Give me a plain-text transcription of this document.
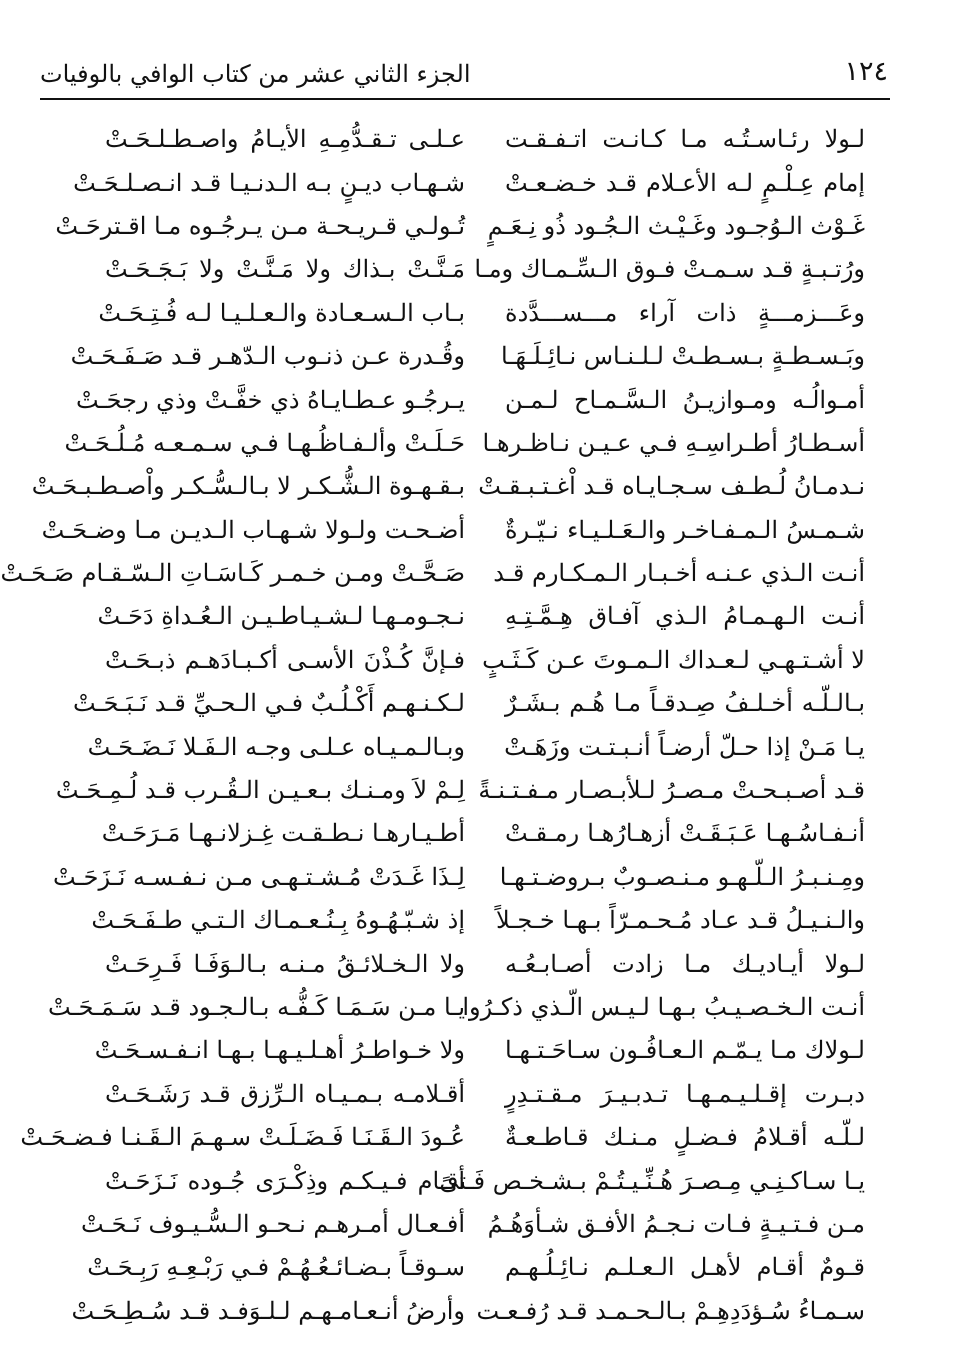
١٢٤
الجزء الثاني عشر من كتاب الوافي بالوفيات
لـولا رئـاسـتُـه مـا كـانـت اتـفـقـت
عـلـى تـقـدُّمِـهِ الأيـامُ واصـطـلـحَـتْ
إمام عِـلْـمٍ لـه الأعـلام قـد خـضـعـتْ
شـهـاب ديـنٍ بـه الـدنـيـا قـد انـصـلـحَـتْ
غَـوْث الـوُجـود وغَـيْـث الـجُـود ذُو نِـعَـمٍ
تُـولـي قـريـحـة مـن يـرجُـوه مـا اقـترحَـتْ
ورُتـبـةٍ قـد سـمـتْ فـوق الـسِّـمـاك ومـا
مَـنَّـتْ بـذاك ولا مَـنَّـتْ ولا بَـجَـحَـتْ
وعَـــزمـــةٍ ذات آراء مـــســـدَّدة
بـاب الـسـعـادة والـعـلـيـا لـه فُـتِـحَـتْ
وبَـسـطـةٍ بـسـطـتْ لـلـنـاس نـائِـلَـهَـا
وقُـدرة عـن ذنـوب الـدّهـر قـد صَـفَـحَـتْ
أمـوالُـه ومـوازيـنُ الـسَّـمـاح لـمـن
يـرجُـو عـطـايـاهُ ذي خفَّـتْ وذي رجحَـتْ
أسـطـارُ أطـراسِـهِ فـي عـيـن نـاظـرهـا
حَـلَـتْ وألـفـاظُـهـا فـي سـمـعـه مُـلُـحَـتْ
نـدمـانُ لُـطـف سـجـايـاه قـد اْغـتـبـقـتْ
بـقـهـوة الـشُّـكـر لا بـالـسُّـكـر واْصـطـبـحَـتْ
شـمـسُ الـمـفـاخـر والـعَـلـيـاء نـيّـرةٌ
أضـحـت ولـولا شـهـاب الـديـن مـا وضـحَـتْ
أنـت الـذي عـنـه أخـبـار الـمـكـارم قـد
صَـحَّـتْ ومـن خـمـر كَـاسَـاتِ الـسّـقـام صَـحَـتْ
أنـت الـهـمـامُ الـذي آفـاق هِـمَّـتِـهِ
نـجـومـهـا لـشـيـاطـيـن الـعُـداةِ دَحَـتْ
لا أشـتـهـي لـعـداك الـمـوتَ عـن كَـثَـبٍ
فـإنَّ كُـذْنَ الأسـى أكـبـادَهـم ذبـحَـتْ
بـالـلّـه أخـلـفُ صِـدقـاً مـا هُـم بـشَـرٌ
لـكـنـهـم أَكْـلُـبٌ فـي الـحـيِّ قـد نَـبَـحَـتْ
يـا مَـنْ إذا حـلّ أرضـاً أنـبـتـت وزَهَـتْ
وبـالـمـيـاه عـلـى وجـه الـفَـلا نَـضَـحَـتْ
قـد أصـبـحـتْ مـصـرُ لـلأبـصـار مـفـتـنـةً
لِـمْ لاَ ومـنـك بـعـيـن الـقُـرب قـد لُـمِـحَـتْ
أنـفـاسُـهـا عَـبَـقَـتْ أزهـارُهـا رمـقـتْ
أطـيـارهـا نـطـقـت غِـزلانـهـا مَـرَحَـتْ
ومِـنـبـرُ الـلّـهـو مـنـصـوبٌ بـروضـتـهـا
لِـذَا غَـدَتْ مُـشـتـهـى مـن نـفـسـه نَـزَحَـتْ
والـنـيـلُ قـد عـاد مُـحـمـرّاً بـهـا خـجـلاً
إذ شـبّـهُـوهُ بِـنُـعـمـاك الـتـي طـفَـحَـتْ
لـولا أيـاديـك مـا زادت أصـابـعُـه
ولا الـخـلائـقُ مـنـه بـالـوَفَـا فَـرِحَـتْ
أنـت الـخـصـيـبُ بـهـا لـيـس الّـذي ذكـرُوا
يـا مـن سَـمَـا كَـفُّـه بـالـجـود قـد سَـمَـحَـتْ
لـولاك مـا يـمّـم الـعـافُـون سـاحَـتـهـا
ولا خـواطـرُ أهـلـيـهـا بـهـا انـفـسـحَـتْ
دبـرت إقـلـيـمـهـا تـدبـيـرَ مـقـتـدِرٍ
أقـلامـه بـمـيـاه الـرِّزق قـد رَشَـحَـتْ
لـلّـه أقـلامُ فـضـلٍ مـنـك قـاطـعـةٌ
عُـودَ الـقَـنَـا فَـضَـلَـتْ سـهـمَ الـقَـنـا فـضـحَـتْ
يـا سـاكـنِـي مِـصـرَ هُـنِّـيـتُـمْ بـشـخـص فَـتىً
أقـام فـيـكـم وذِكْـرَى جُـوده نَـزَحَـتْ
مـن فـتـيـةٍ فـات نـجـمُ الأفـق شـأوَهُـمُ
أفـعـال أمـرهـم نـحـو الـسُّـيـوف نَـحَـتْ
قـومٌ أقـام لأهـل الـعـلـم نـائِـلُـهـم
سـوقـاً بـضـائـعُـهُـمْ فـي رَبْـعِـهِ رَبِـحَـتْ
سـمـاءُ سُـؤدَدِهِـمْ بـالـحـمـد قـد رُفـعـت
وأرضُ أنـعـامـهـم لـلـوَفـد قـد سُـطِـحَـتْ
